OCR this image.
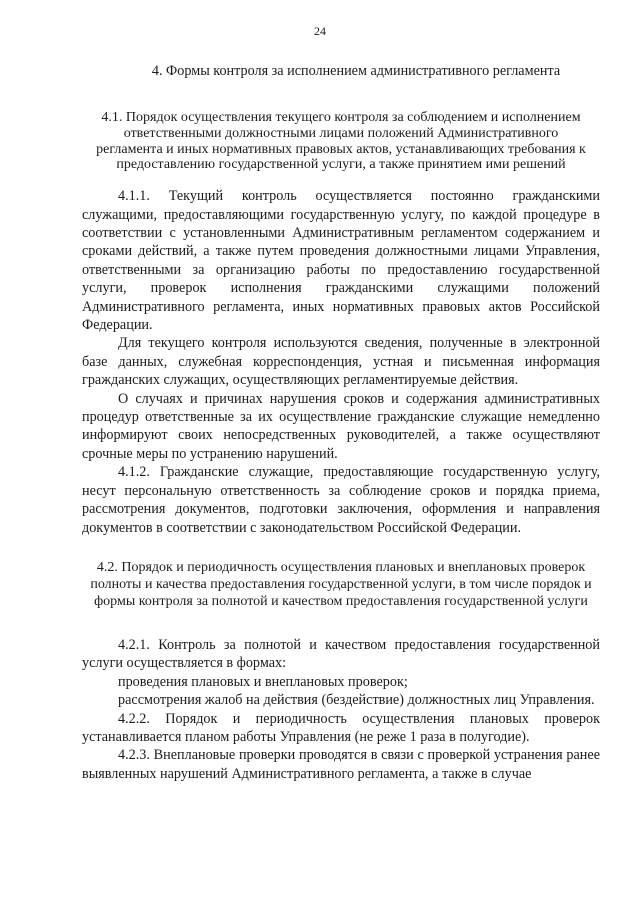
24

4. Формы контроля за исполнением административного регламента

4.1. Порядок осуществления текущего контроля за соблюдением и исполнением ответственными должностными лицами положений Административного регламента и иных нормативных правовых актов, устанавливающих требования к предоставлению государственной услуги, а также принятием ими решений

4.1.1. Текущий контроль осуществляется постоянно гражданскими служащими, предоставляющими государственную услугу, по каждой процедуре в соответствии с установленными Административным регламентом содержанием и сроками действий, а также путем проведения должностными лицами Управления, ответственными за организацию работы по предоставлению государственной услуги, проверок исполнения гражданскими служащими положений Административного регламента, иных нормативных правовых актов Российской Федерации.

Для текущего контроля используются сведения, полученные в электронной базе данных, служебная корреспонденция, устная и письменная информация гражданских служащих, осуществляющих регламентируемые действия.

О случаях и причинах нарушения сроков и содержания административных процедур ответственные за их осуществление гражданские служащие немедленно информируют своих непосредственных руководителей, а также осуществляют срочные меры по устранению нарушений.

4.1.2. Гражданские служащие, предоставляющие государственную услугу, несут персональную ответственность за соблюдение сроков и порядка приема, рассмотрения документов, подготовки заключения, оформления и направления документов в соответствии с законодательством Российской Федерации.

4.2. Порядок и периодичность осуществления плановых и внеплановых проверок полноты и качества предоставления государственной услуги, в том числе порядок и формы контроля за полнотой и качеством предоставления государственной услуги

4.2.1. Контроль за полнотой и качеством предоставления государственной услуги осуществляется в формах:

проведения плановых и внеплановых проверок;

рассмотрения жалоб на действия (бездействие) должностных лиц Управления.

4.2.2. Порядок и периодичность осуществления плановых проверок устанавливается планом работы Управления (не реже 1 раза в полугодие).

4.2.3. Внеплановые проверки проводятся в связи с проверкой устранения ранее выявленных нарушений Административного регламента, а также в случае
